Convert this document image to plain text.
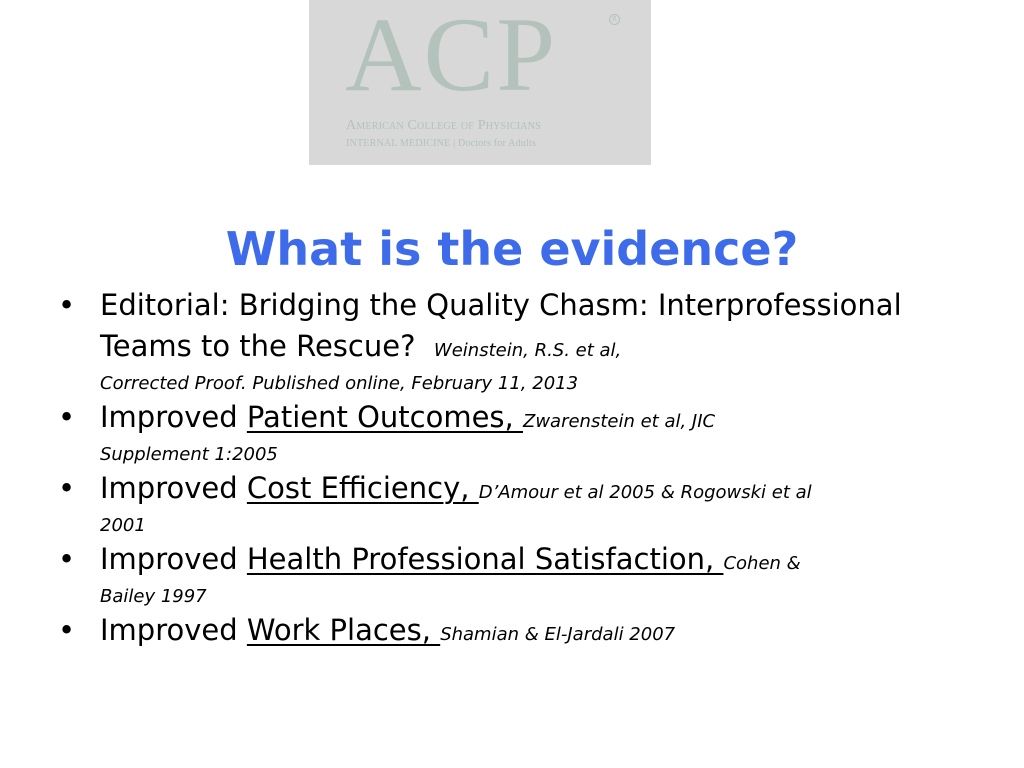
ACP	R
American College of Physicians
INTERNAL MEDICINE | Doctors for Adults
What is the evidence?
• Editorial: Bridging the Quality Chasm: Interprofessional Teams to the Rescue? Weinstein, R.S. et al,
Corrected Proof. Published online, February 11, 2013
• Improved Patient Outcomes, Zwarenstein et al, JIC
Supplement 1:2005
• Improved Cost Efficiency, D’Amour et al 2005 & Rogowski et al
2001
• Improved Health Professional Satisfaction, Cohen &
Bailey 1997
• Improved Work Places, Shamian & El-Jardali 2007
